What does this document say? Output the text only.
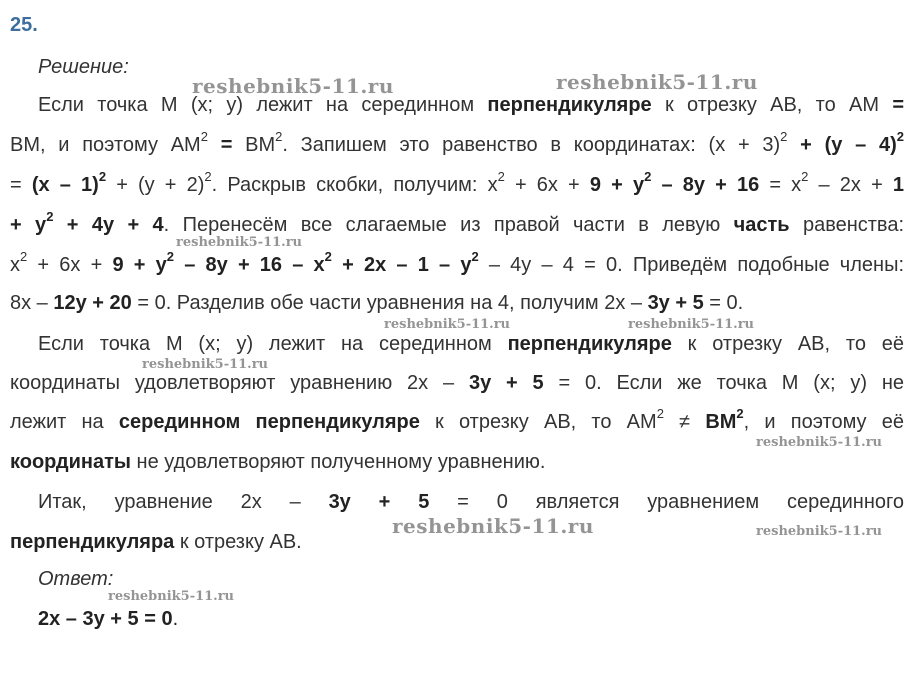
25.
Решение:
Если точка М (х; у) лежит на серединном перпендикуляре к отрезку АВ, то АМ =
ВМ, и поэтому $АМ^2 = ВМ^2$. Запишем это равенство в координатах: $(х + 3)^2 + (у - 4)^2$
= $(х - 1)^2 + (у + 2)^2$. Раскрыв скобки, получим: $х^2 + 6х + 9 + у^2 - 8у + 16 = х^2 - 2х + 1$
+ $у^2 + 4у + 4$. Перенесём все слагаемые из правой части в левую часть равенства:
$х^2 + 6х + 9 + у^2 - 8у + 16 - х^2 + 2х - 1 - у^2 - 4у - 4 = 0$. Приведём подобные члены:
8х – 12у + 20 = 0. Разделив обе части уравнения на 4, получим 2х – 3у + 5 = 0.
Если точка М (х; у) лежит на серединном перпендикуляре к отрезку АВ, то её
координаты удовлетворяют уравнению 2х – 3у + 5 = 0. Если же точка М (х; у) не
лежит на серединном перпендикуляре к отрезку АВ, то $АМ^2 \ne ВМ^2$, и поэтому её
координаты не удовлетворяют полученному уравнению.
Итак, уравнение 2х – 3у + 5 = 0 является уравнением серединного
перпендикуляра к отрезку АВ.
Ответ:
2х – 3у + 5 = 0.
reshebnik5-11.ru	reshebnik5-11.ru
reshebnik5-11.ru
reshebnik5-11.ru	reshebnik5-11.ru
reshebnik5-11.ru
reshebnik5-11.ru
reshebnik5-11.ru	reshebnik5-11.ru
reshebnik5-11.ru
